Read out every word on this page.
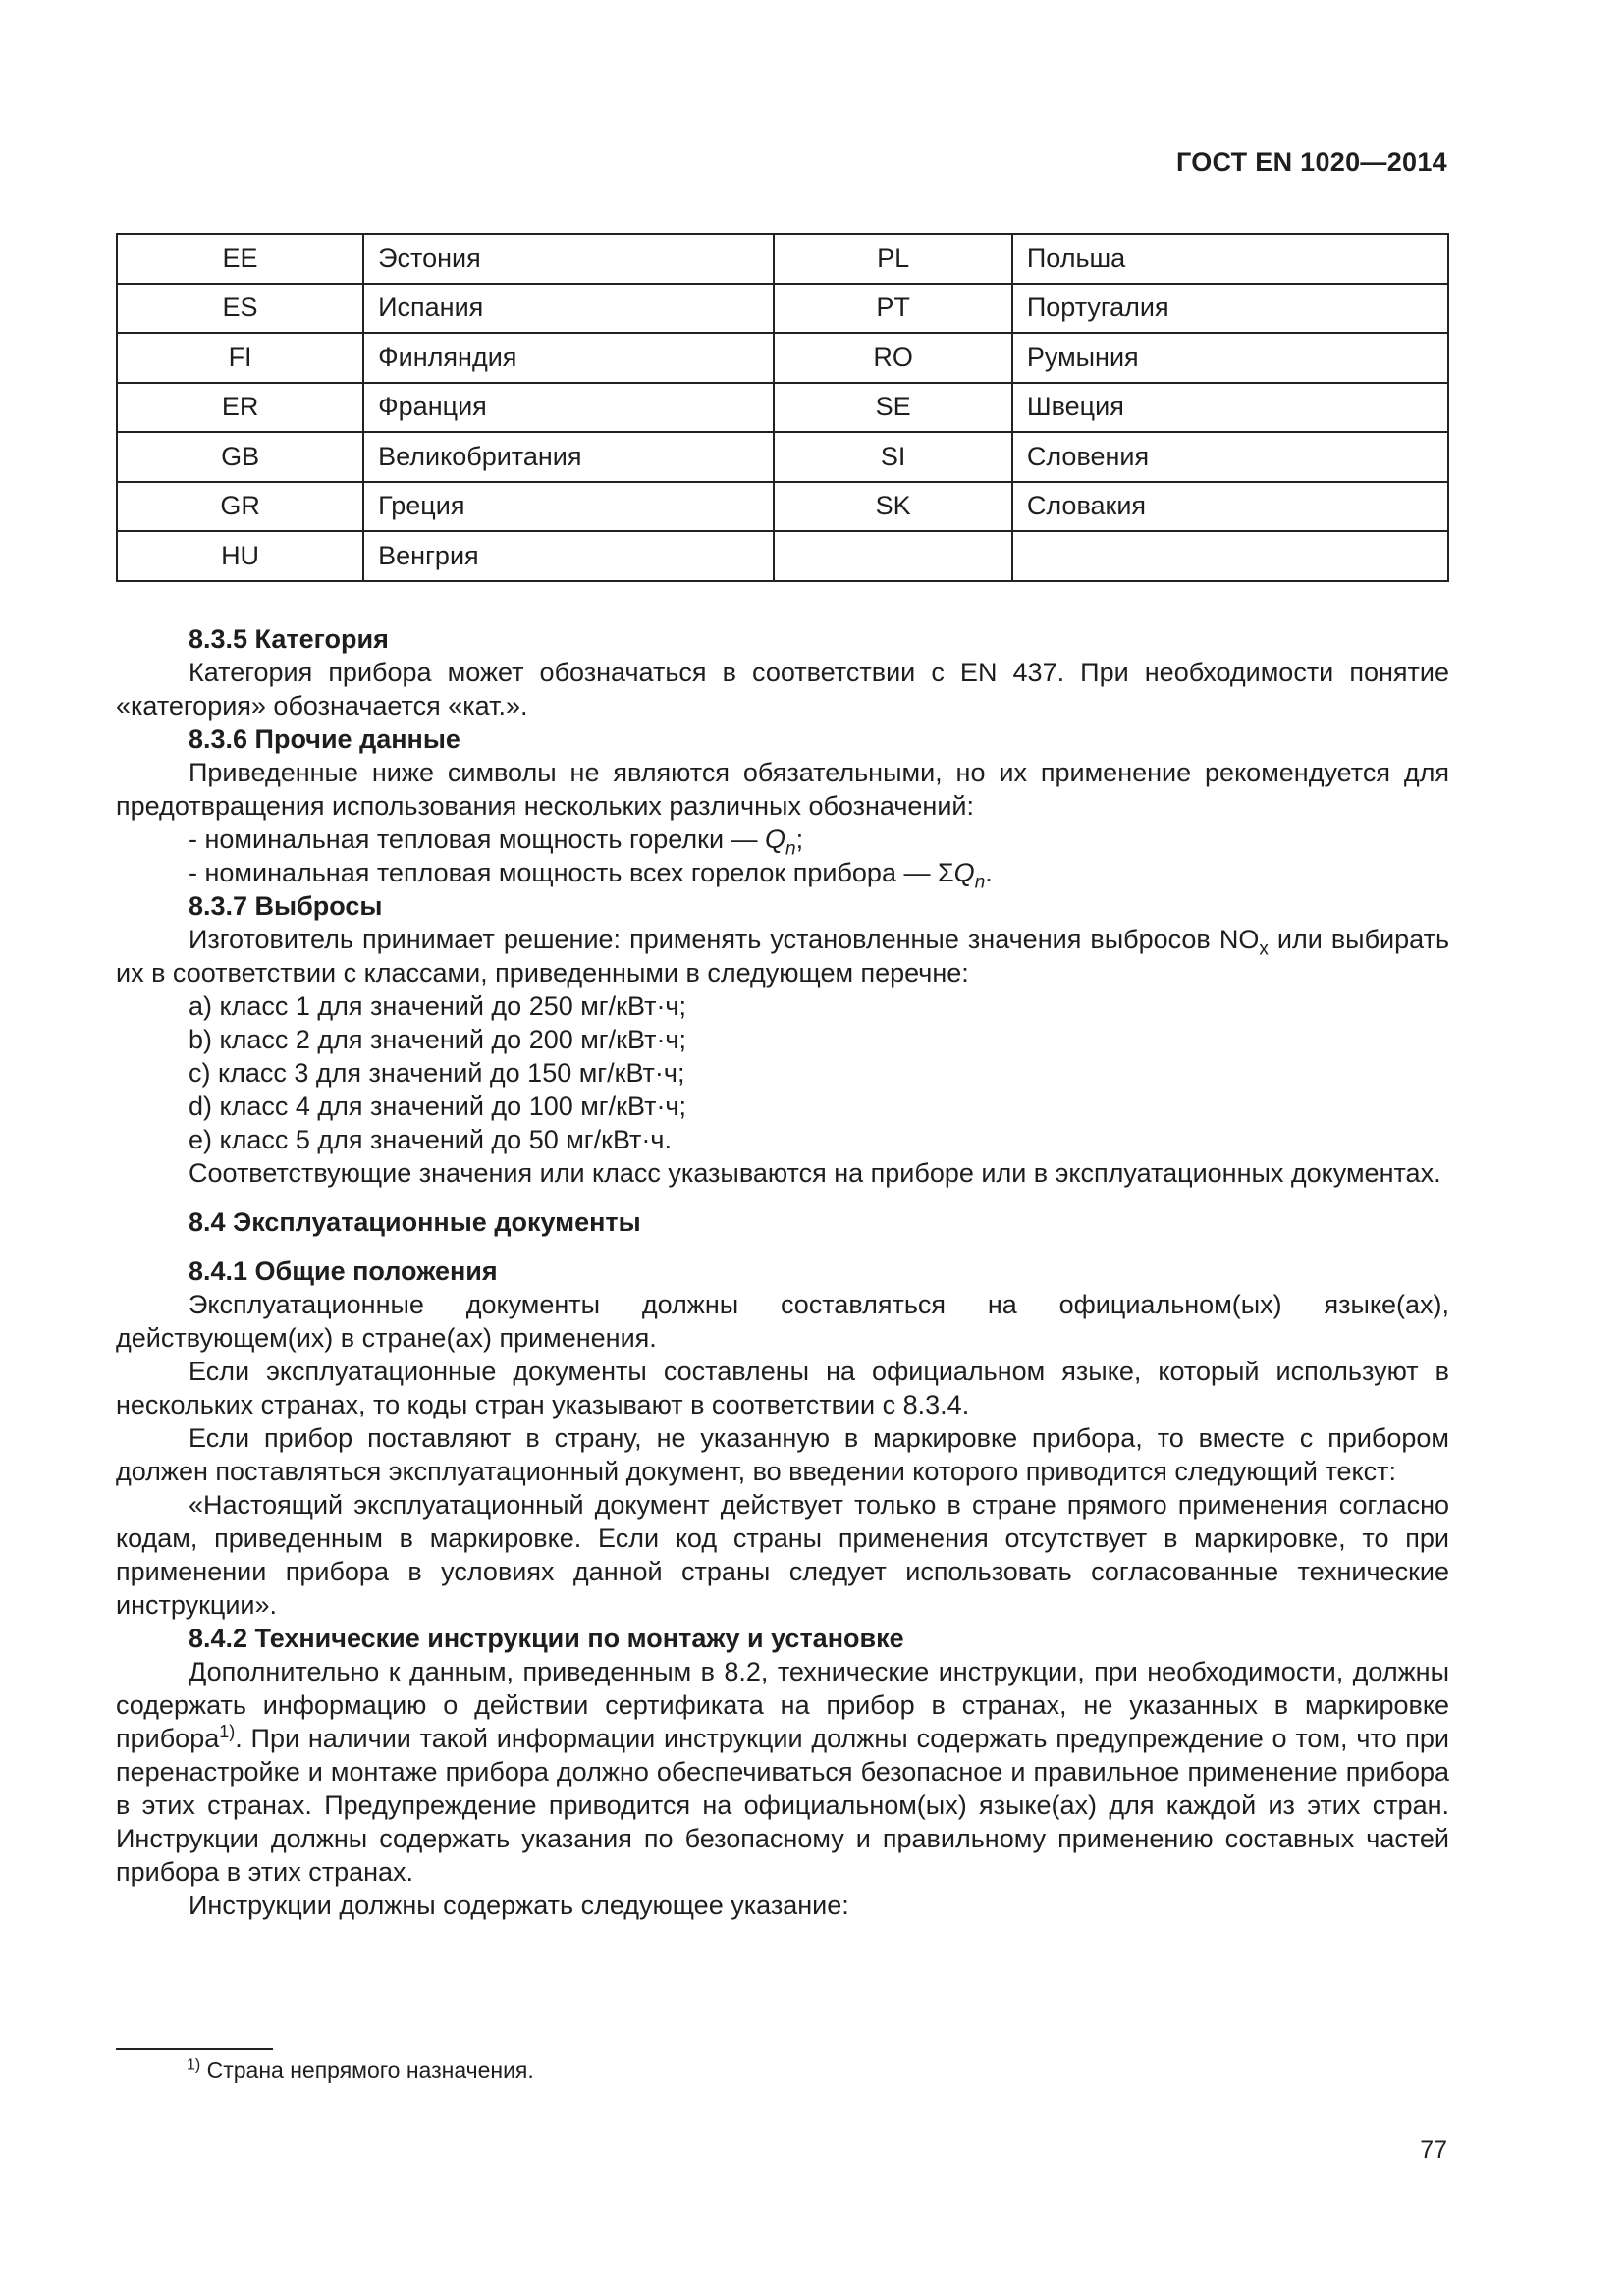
ГОСТ EN 1020—2014
EE	Эстония	PL	Польша
ES	Испания	PT	Португалия
FI	Финляндия	RO	Румыния
ER	Франция	SE	Швеция
GB	Великобритания	SI	Словения
GR	Греция	SK	Словакия
HU	Венгрия		

8.3.5 Категория

Категория прибора может обозначаться в соответствии с EN 437. При необходимости понятие «категория» обозначается «кат.».

8.3.6 Прочие данные

Приведенные ниже символы не являются обязательными, но их применение рекомендуется для предотвращения использования нескольких различных обозначений:

- номинальная тепловая мощность горелки — $Q_n$;

- номинальная тепловая мощность всех горелок прибора — $\Sigma Q_n$.

8.3.7 Выбросы

Изготовитель принимает решение: применять установленные значения выбросов $NO_x$ или выбирать их в соответствии с классами, приведенными в следующем перечне:

a) класс 1 для значений до 250 мг/кВт·ч;

b) класс 2 для значений до 200 мг/кВт·ч;

c) класс 3 для значений до 150 мг/кВт·ч;

d) класс 4 для значений до 100 мг/кВт·ч;

e) класс 5 для значений до 50 мг/кВт·ч.

Соответствующие значения или класс указываются на приборе или в эксплуатационных документах.

8.4 Эксплуатационные документы

8.4.1 Общие положения

Эксплуатационные документы должны составляться на официальном(ых) языке(ах), действующем(их) в стране(ах) применения.

Если эксплуатационные документы составлены на официальном языке, который используют в нескольких странах, то коды стран указывают в соответствии с 8.3.4.

Если прибор поставляют в страну, не указанную в маркировке прибора, то вместе с прибором должен поставляться эксплуатационный документ, во введении которого приводится следующий текст:

«Настоящий эксплуатационный документ действует только в стране прямого применения согласно кодам, приведенным в маркировке. Если код страны применения отсутствует в маркировке, то при применении прибора в условиях данной страны следует использовать согласованные технические инструкции».

8.4.2 Технические инструкции по монтажу и установке

Дополнительно к данным, приведенным в 8.2, технические инструкции, при необходимости, должны содержать информацию о действии сертификата на прибор в странах, не указанных в маркировке прибора$^{1)}$. При наличии такой информации инструкции должны содержать предупреждение о том, что при перенастройке и монтаже прибора должно обеспечиваться безопасное и правильное применение прибора в этих странах. Предупреждение приводится на официальном(ых) языке(ах) для каждой из этих стран. Инструкции должны содержать указания по безопасному и правильному применению составных частей прибора в этих странах.

Инструкции должны содержать следующее указание:

$^{1)}$ Страна непрямого назначения.
77
